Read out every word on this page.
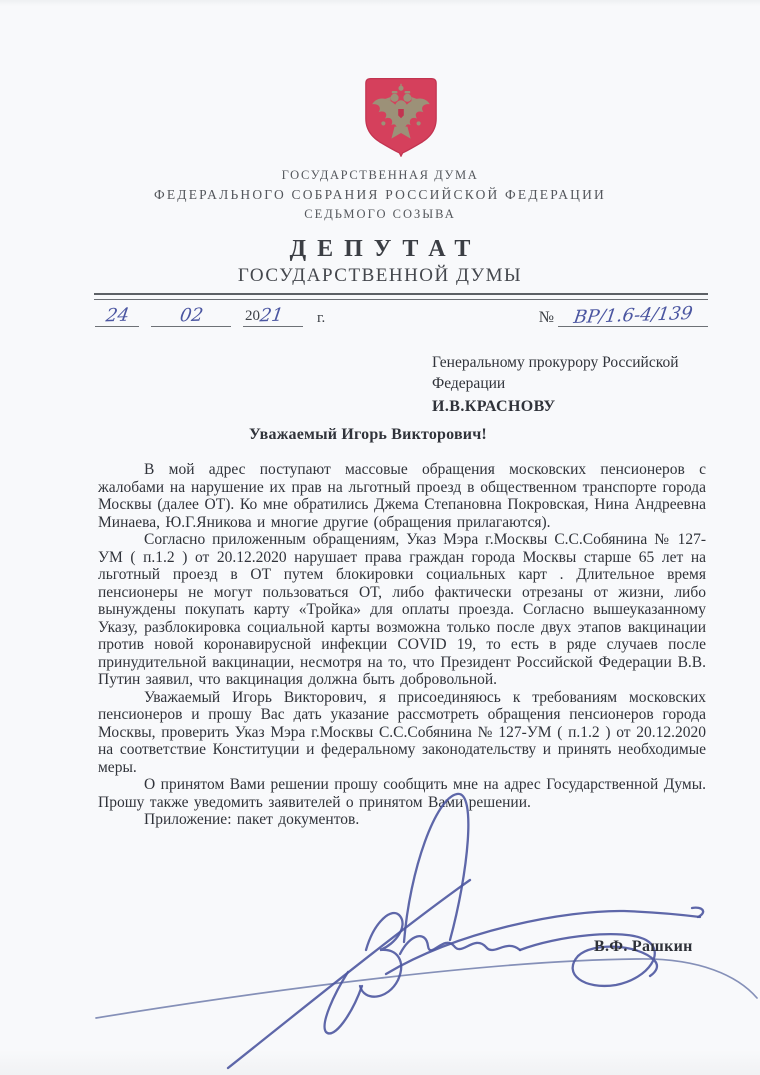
ГОСУДАРСТВЕННАЯ ДУМА
ФЕДЕРАЛЬНОГО СОБРАНИЯ РОССИЙСКОЙ ФЕДЕРАЦИИ
СЕДЬМОГО СОЗЫВА
ДЕПУТАТ
ГОСУДАРСТВЕННОЙ ДУМЫ
24	02	2021	г.	№	ВР/1.6-4/139
Генеральному прокурору Российской
Федерации
И.В.КРАСНОВУ
Уважаемый Игорь Викторович!

В мой адрес поступают массовые обращения московских пенсионеров с жалобами на нарушение их прав на льготный проезд в общественном транспорте города Москвы (далее ОТ). Ко мне обратились Джема Степановна Покровская, Нина Андреевна Минаева, Ю.Г.Яникова и многие другие (обращения прилагаются).

Согласно приложенным обращениям, Указ Мэра г.Москвы С.С.Собянина № 127-УМ ( п.1.2 ) от 20.12.2020 нарушает права граждан города Москвы старше 65 лет на льготный проезд в ОТ путем блокировки социальных карт . Длительное время пенсионеры не могут пользоваться ОТ, либо фактически отрезаны от жизни, либо вынуждены покупать карту «Тройка» для оплаты проезда. Согласно вышеуказанному Указу, разблокировка социальной карты возможна только после двух этапов вакцинации против новой коронавирусной инфекции COVID 19, то есть в ряде случаев после принудительной вакцинации, несмотря на то, что Президент Российской Федерации В.В. Путин заявил, что вакцинация должна быть добровольной.

Уважаемый Игорь Викторович, я присоединяюсь к требованиям московских пенсионеров и прошу Вас дать указание рассмотреть обращения пенсионеров города Москвы, проверить Указ Мэра г.Москвы С.С.Собянина № 127-УМ ( п.1.2 ) от 20.12.2020 на соответствие Конституции и федеральному законодательству и принять необходимые меры.

О принятом Вами решении прошу сообщить мне на адрес Государственной Думы. Прошу также уведомить заявителей о принятом Вами решении.

Приложение: пакет документов.

В.Ф. Рашкин
